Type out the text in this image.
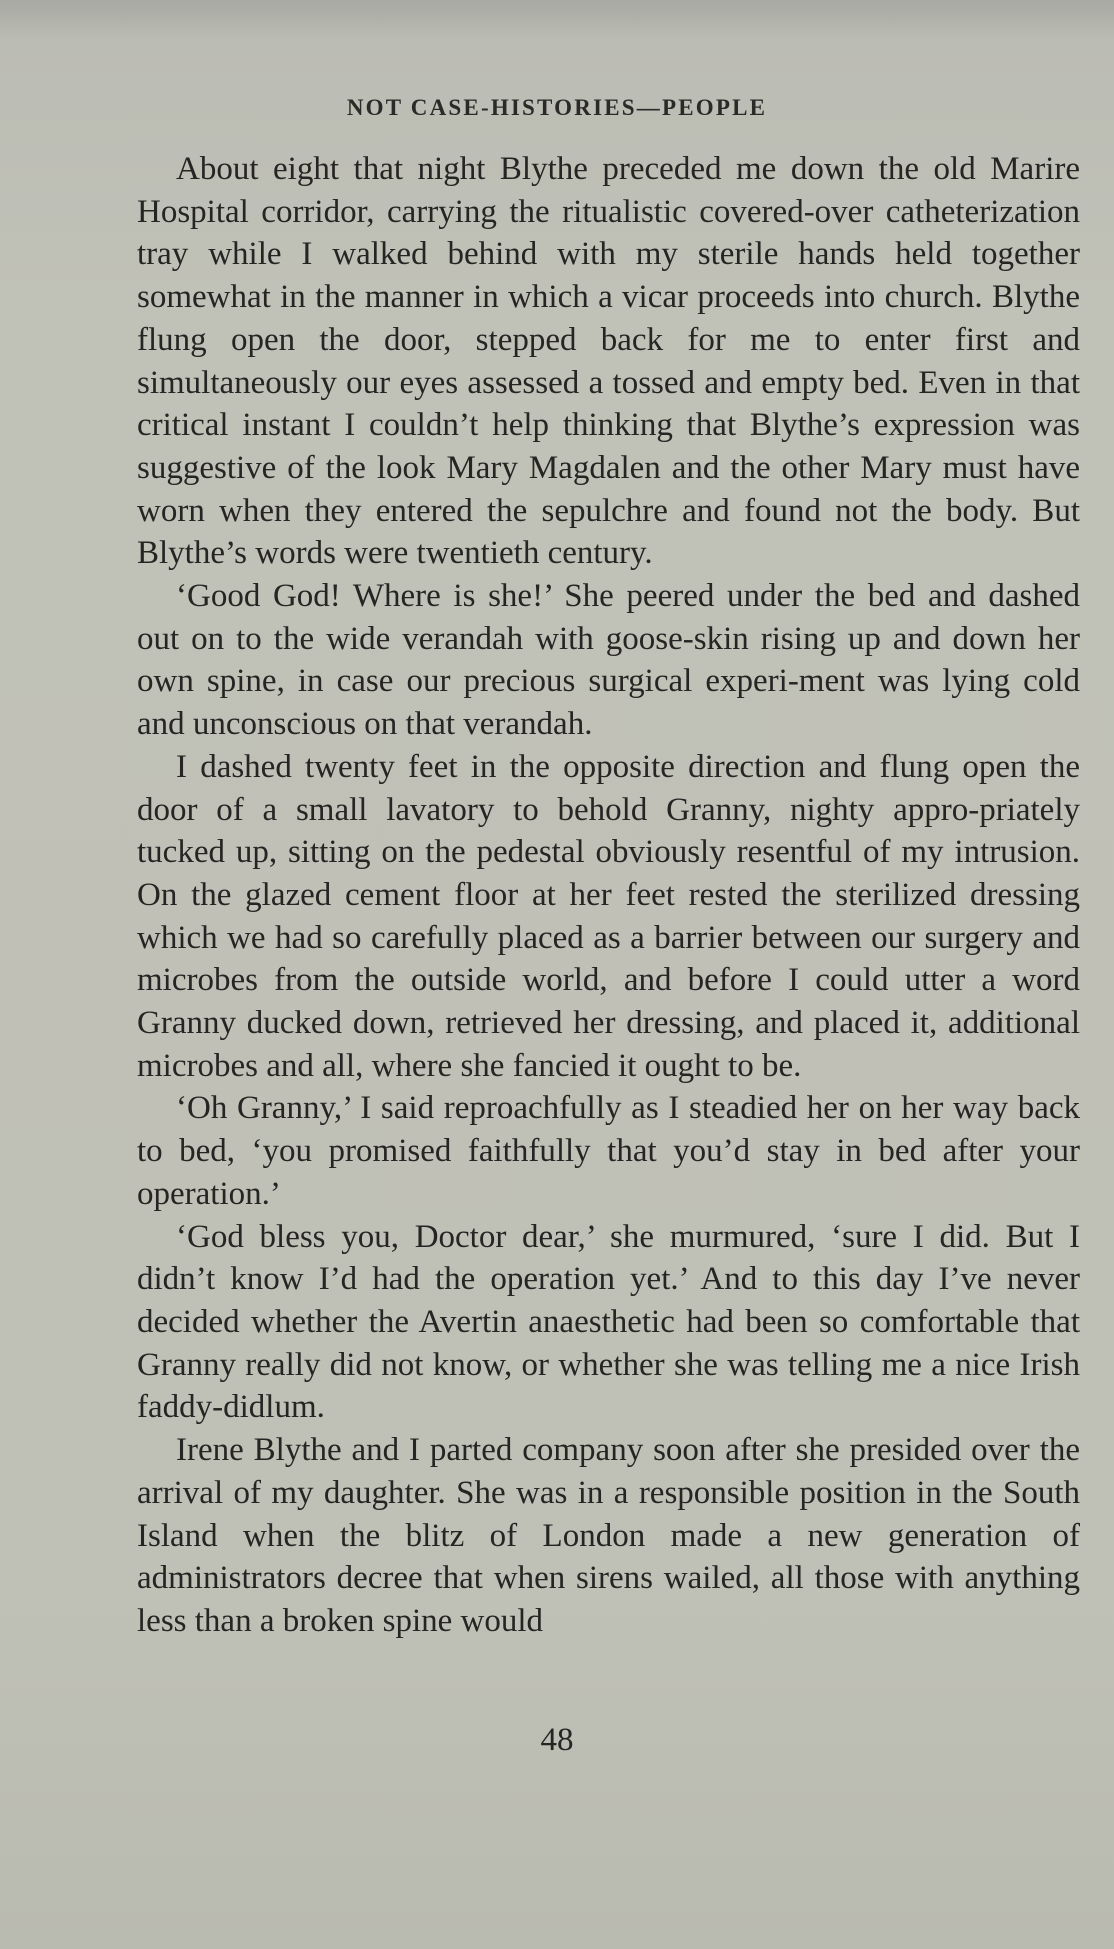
NOT CASE-HISTORIES—PEOPLE

About eight that night Blythe preceded me down the old Marire Hospital corridor, carrying the ritualistic covered-over catheterization tray while I walked behind with my sterile hands held together somewhat in the manner in which a vicar proceeds into church. Blythe flung open the door, stepped back for me to enter first and simultaneously our eyes assessed a tossed and empty bed. Even in that critical instant I couldn’t help thinking that Blythe’s expression was suggestive of the look Mary Magdalen and the other Mary must have worn when they entered the sepulchre and found not the body. But Blythe’s words were twentieth century.

‘Good God! Where is she!’ She peered under the bed and dashed out on to the wide verandah with goose-skin rising up and down her own spine, in case our precious surgical experi-ment was lying cold and unconscious on that verandah.

I dashed twenty feet in the opposite direction and flung open the door of a small lavatory to behold Granny, nighty appro-priately tucked up, sitting on the pedestal obviously resentful of my intrusion. On the glazed cement floor at her feet rested the sterilized dressing which we had so carefully placed as a barrier between our surgery and microbes from the outside world, and before I could utter a word Granny ducked down, retrieved her dressing, and placed it, additional microbes and all, where she fancied it ought to be.

‘Oh Granny,’ I said reproachfully as I steadied her on her way back to bed, ‘you promised faithfully that you’d stay in bed after your operation.’

‘God bless you, Doctor dear,’ she murmured, ‘sure I did. But I didn’t know I’d had the operation yet.’ And to this day I’ve never decided whether the Avertin anaesthetic had been so comfortable that Granny really did not know, or whether she was telling me a nice Irish faddy-didlum.

Irene Blythe and I parted company soon after she presided over the arrival of my daughter. She was in a responsible position in the South Island when the blitz of London made a new generation of administrators decree that when sirens wailed, all those with anything less than a broken spine would

48
